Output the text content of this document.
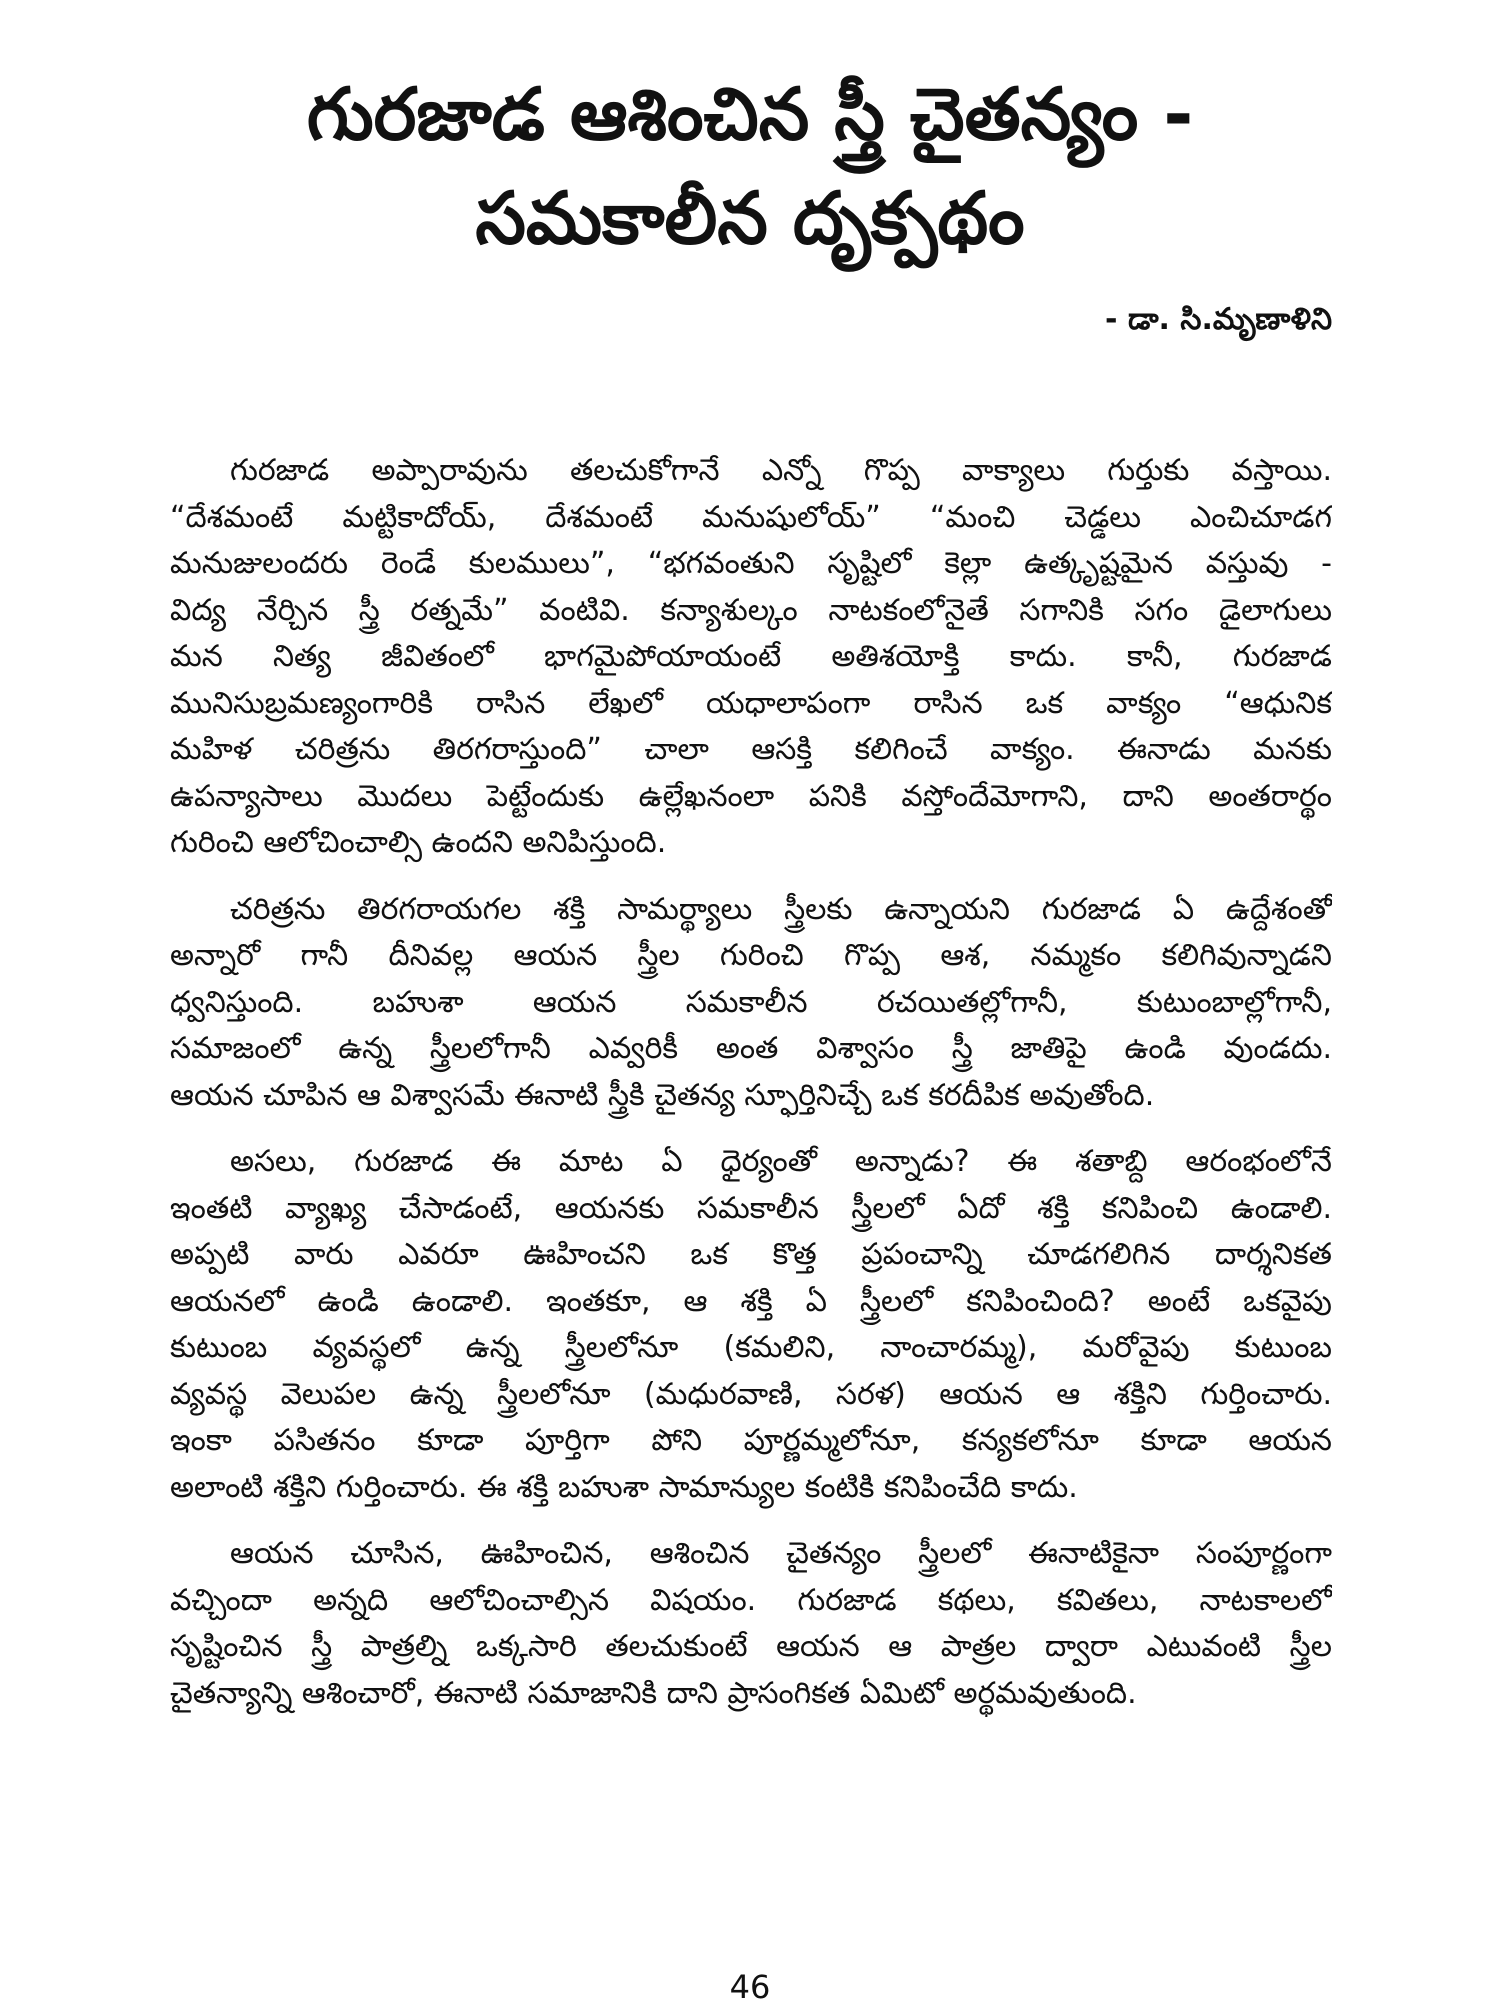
గురజాడ ఆశించిన స్త్రీ చైతన్యం -
సమకాలీన దృక్పథం
- డా. సి.మృణాళిని
గురజాడ అప్పారావును తలచుకోగానే ఎన్నో గొప్ప వాక్యాలు గుర్తుకు వస్తాయి.
“దేశమంటే మట్టికాదోయ్, దేశమంటే మనుషులోయ్” “మంచి చెడ్డలు ఎంచిచూడగ
మనుజులందరు రెండే కులములు”, “భగవంతుని సృష్టిలో కెల్లా ఉత్కృష్టమైన వస్తువు -
విద్య నేర్చిన స్త్రీ రత్నమే” వంటివి. కన్యాశుల్కం నాటకంలోనైతే సగానికి సగం డైలాగులు
మన నిత్య జీవితంలో భాగమైపోయాయంటే అతిశయోక్తి కాదు. కానీ, గురజాడ
మునిసుబ్రమణ్యంగారికి రాసిన లేఖలో యధాలాపంగా రాసిన ఒక వాక్యం “ఆధునిక
మహిళ చరిత్రను తిరగరాస్తుంది” చాలా ఆసక్తి కలిగించే వాక్యం. ఈనాడు మనకు
ఉపన్యాసాలు మొదలు పెట్టేందుకు ఉల్లేఖనంలా పనికి వస్తోందేమోగాని, దాని అంతరార్థం
గురించి ఆలోచించాల్సి ఉందని అనిపిస్తుంది.
చరిత్రను తిరగరాయగల శక్తి సామర్థ్యాలు స్త్రీలకు ఉన్నాయని గురజాడ ఏ ఉద్దేశంతో
అన్నారో గానీ దీనివల్ల ఆయన స్త్రీల గురించి గొప్ప ఆశ, నమ్మకం కలిగివున్నాడని
ధ్వనిస్తుంది. బహుశా ఆయన సమకాలీన రచయితల్లోగానీ, కుటుంబాల్లోగానీ,
సమాజంలో ఉన్న స్త్రీలలోగానీ ఎవ్వరికీ అంత విశ్వాసం స్త్రీ జాతిపై ఉండి వుండదు.
ఆయన చూపిన ఆ విశ్వాసమే ఈనాటి స్త్రీకి చైతన్య స్ఫూర్తినిచ్చే ఒక కరదీపిక అవుతోంది.
అసలు, గురజాడ ఈ మాట ఏ ధైర్యంతో అన్నాడు? ఈ శతాబ్ది ఆరంభంలోనే
ఇంతటి వ్యాఖ్య చేసాడంటే, ఆయనకు సమకాలీన స్త్రీలలో ఏదో శక్తి కనిపించి ఉండాలి.
అప్పటి వారు ఎవరూ ఊహించని ఒక కొత్త ప్రపంచాన్ని చూడగలిగిన దార్శనికత
ఆయనలో ఉండి ఉండాలి. ఇంతకూ, ఆ శక్తి ఏ స్త్రీలలో కనిపించింది? అంటే ఒకవైపు
కుటుంబ వ్యవస్థలో ఉన్న స్త్రీలలోనూ (కమలిని, నాంచారమ్మ), మరోవైపు కుటుంబ
వ్యవస్థ వెలుపల ఉన్న స్త్రీలలోనూ (మధురవాణి, సరళ) ఆయన ఆ శక్తిని గుర్తించారు.
ఇంకా పసితనం కూడా పూర్తిగా పోని పూర్ణమ్మలోనూ, కన్యకలోనూ కూడా ఆయన
అలాంటి శక్తిని గుర్తించారు. ఈ శక్తి బహుశా సామాన్యుల కంటికి కనిపించేది కాదు.
ఆయన చూసిన, ఊహించిన, ఆశించిన చైతన్యం స్త్రీలలో ఈనాటికైనా సంపూర్ణంగా
వచ్చిందా అన్నది ఆలోచించాల్సిన విషయం. గురజాడ కథలు, కవితలు, నాటకాలలో
సృష్టించిన స్త్రీ పాత్రల్ని ఒక్కసారి తలచుకుంటే ఆయన ఆ పాత్రల ద్వారా ఎటువంటి స్త్రీల
చైతన్యాన్ని ఆశించారో, ఈనాటి సమాజానికి దాని ప్రాసంగికత ఏమిటో అర్థమవుతుంది.
46
